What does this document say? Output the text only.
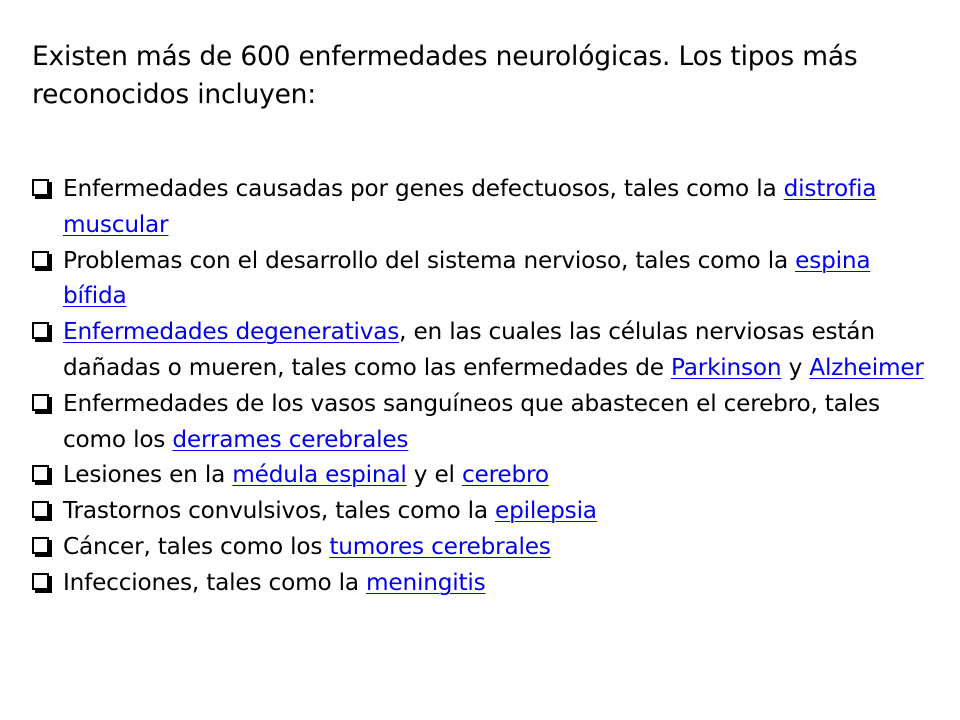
Existen más de 600 enfermedades neurológicas. Los tipos más reconocidos incluyen:
Enfermedades causadas por genes defectuosos, tales como la distrofia muscular
Problemas con el desarrollo del sistema nervioso, tales como la espina bífida
Enfermedades degenerativas, en las cuales las células nerviosas están dañadas o mueren, tales como las enfermedades de Parkinson y Alzheimer
Enfermedades de los vasos sanguíneos que abastecen el cerebro, tales como los derrames cerebrales
Lesiones en la médula espinal y el cerebro
Trastornos convulsivos, tales como la epilepsia
Cáncer, tales como los tumores cerebrales
Infecciones, tales como la meningitis
